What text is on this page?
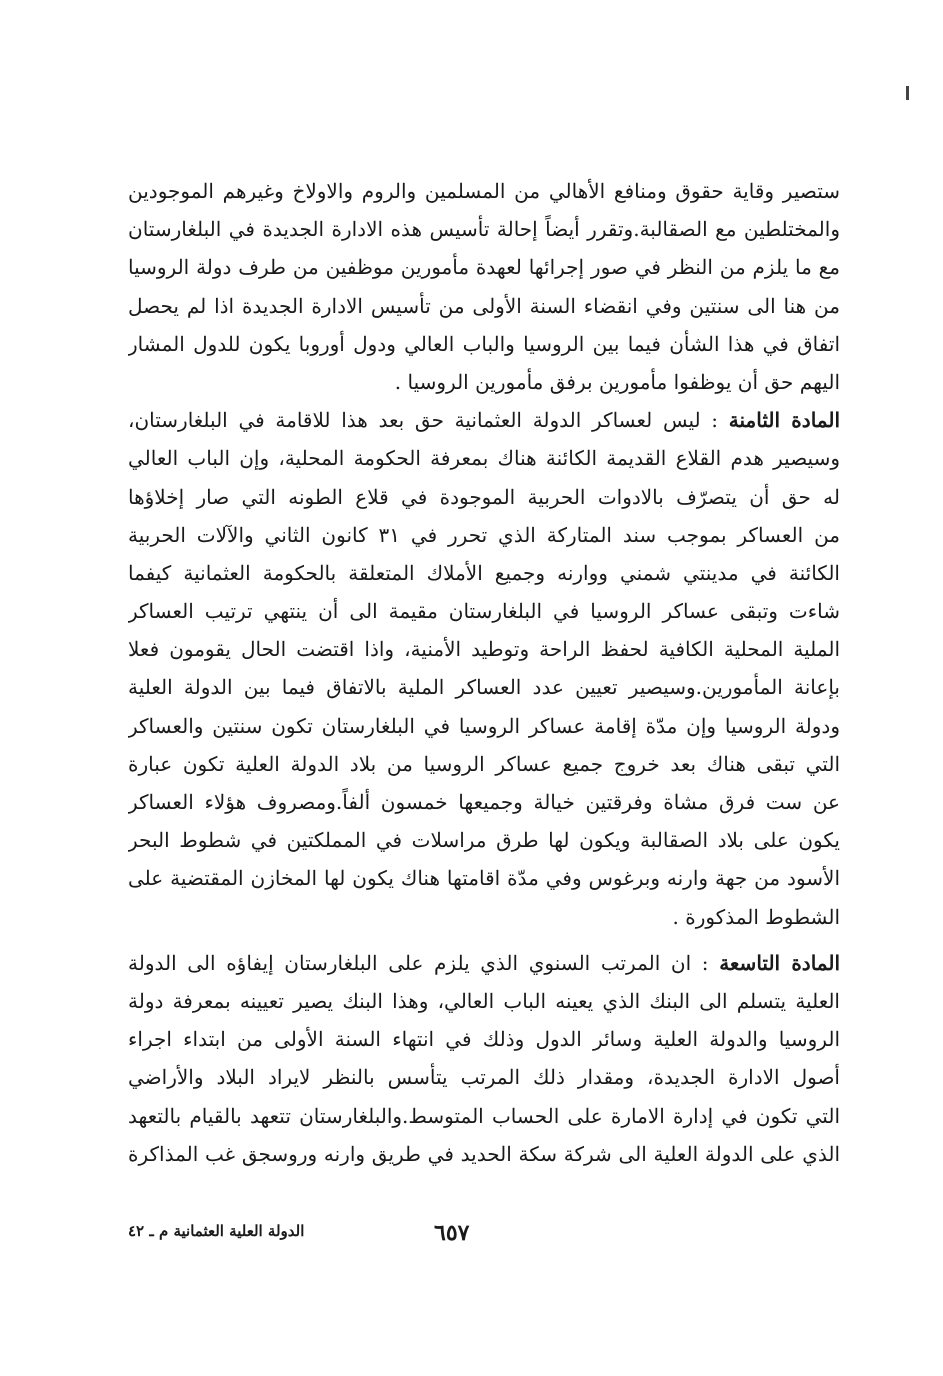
ستصير وقاية حقوق ومنافع الأهالي من المسلمين والروم والاولاخ وغيرهم الموجودين
والمختلطين مع الصقالبة.وتقرر أيضاً إحالة تأسيس هذه الادارة الجديدة في البلغارستان
مع ما يلزم من النظر في صور إجرائها لعهدة مأمورين موظفين من طرف دولة الروسيا
من هنا الى سنتين وفي انقضاء السنة الأولى من تأسيس الادارة الجديدة اذا لم يحصل
اتفاق في هذا الشأن فيما بين الروسيا والباب العالي ودول أوروبا يكون للدول المشار
اليهم حق أن يوظفوا مأمورين برفق مأمورين الروسيا .
المادة الثامنة : ليس لعساكر الدولة العثمانية حق بعد هذا للاقامة في البلغارستان،
وسيصير هدم القلاع القديمة الكائنة هناك بمعرفة الحكومة المحلية، وإن الباب العالي
له حق أن يتصرّف بالادوات الحربية الموجودة في قلاع الطونه التي صار إخلاؤها
من العساكر بموجب سند المتاركة الذي تحرر في ٣١ كانون الثاني والآلات الحربية
الكائنة في مدينتي شمني ووارنه وجميع الأملاك المتعلقة بالحكومة العثمانية كيفما
شاءت وتبقى عساكر الروسيا في البلغارستان مقيمة الى أن ينتهي ترتيب العساكر
الملية المحلية الكافية لحفظ الراحة وتوطيد الأمنية، واذا اقتضت الحال يقومون فعلا
بإعانة المأمورين.وسيصير تعيين عدد العساكر الملية بالاتفاق فيما بين الدولة العلية
ودولة الروسيا وإن مدّة إقامة عساكر الروسيا في البلغارستان تكون سنتين والعساكر
التي تبقى هناك بعد خروج جميع عساكر الروسيا من بلاد الدولة العلية تكون عبارة
عن ست فرق مشاة وفرقتين خيالة وجميعها خمسون ألفاً.ومصروف هؤلاء العساكر
يكون على بلاد الصقالبة ويكون لها طرق مراسلات في المملكتين في شطوط البحر
الأسود من جهة وارنه وبرغوس وفي مدّة اقامتها هناك يكون لها المخازن المقتضية على
الشطوط المذكورة .
المادة التاسعة : ان المرتب السنوي الذي يلزم على البلغارستان إيفاؤه الى الدولة
العلية يتسلم الى البنك الذي يعينه الباب العالي، وهذا البنك يصير تعيينه بمعرفة دولة
الروسيا والدولة العلية وسائر الدول وذلك في انتهاء السنة الأولى من ابتداء اجراء
أصول الادارة الجديدة، ومقدار ذلك المرتب يتأسس بالنظر لايراد البلاد والأراضي
التي تكون في إدارة الامارة على الحساب المتوسط.والبلغارستان تتعهد بالقيام بالتعهد
الذي على الدولة العلية الى شركة سكة الحديد في طريق وارنه وروسجق غب المذاكرة
الدولة العلية العثمانية م ـ ٤٢	٦٥٧
